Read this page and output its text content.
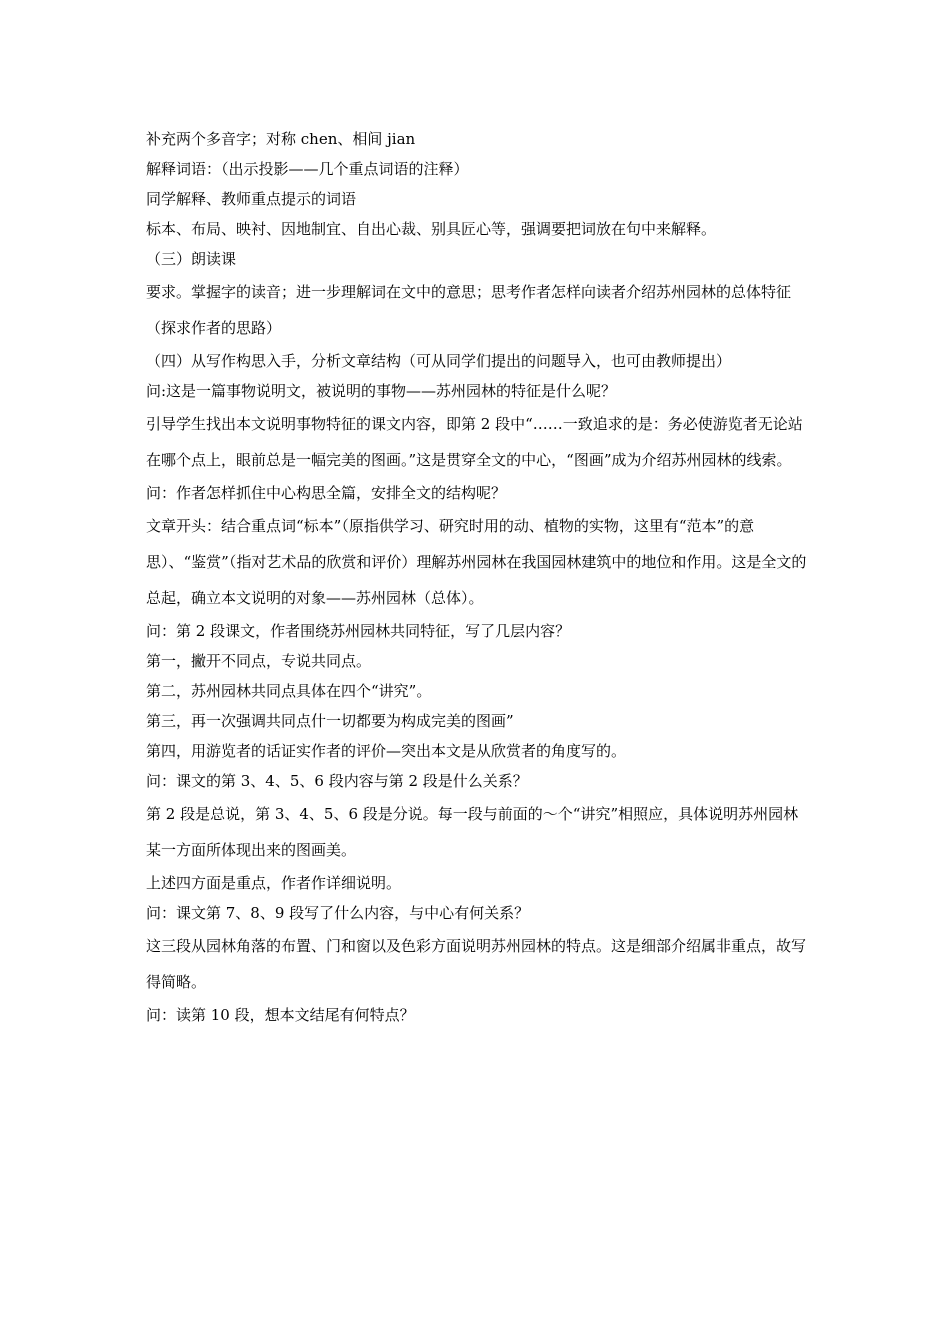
补充两个多音字；对称 chen、相间 jian
解释词语：（出示投影——几个重点词语的注释）
同学解释、教师重点提示的词语
标本、布局、映衬、因地制宜、自出心裁、别具匠心等，强调要把词放在句中来解释。
（三）朗读课
要求。掌握字的读音；进一步理解词在文中的意思；思考作者怎样向读者介绍苏州园林的总体特征（探求作者的思路）
（四）从写作构思入手，分析文章结构（可从同学们提出的问题导入，也可由教师提出）
问:这是一篇事物说明文，被说明的事物——苏州园林的特征是什么呢？
引导学生找出本文说明事物特征的课文内容，即第 2 段中“……一致追求的是：务必使游览者无论站在哪个点上，眼前总是一幅完美的图画。”这是贯穿全文的中心，“图画”成为介绍苏州园林的线索。
问：作者怎样抓住中心构思全篇，安排全文的结构呢？
文章开头：结合重点词“标本”（原指供学习、研究时用的动、植物的实物，这里有“范本”的意思）、“鉴赏”（指对艺术品的欣赏和评价）理解苏州园林在我国园林建筑中的地位和作用。这是全文的总起，确立本文说明的对象——苏州园林（总体）。
问：第 2 段课文，作者围绕苏州园林共同特征，写了几层内容？
第一，撇开不同点，专说共同点。
第二，苏州园林共同点具体在四个“讲究”。
第三，再一次强调共同点什一切都要为构成完美的图画”
第四，用游览者的话证实作者的评价—突出本文是从欣赏者的角度写的。
问：课文的第 3、4、5、6 段内容与第 2 段是什么关系？
第 2 段是总说，第 3、4、5、6 段是分说。每一段与前面的～个“讲究”相照应，具体说明苏州园林某一方面所体现出来的图画美。
上述四方面是重点，作者作详细说明。
问：课文第 7、8、9 段写了什么内容，与中心有何关系？
这三段从园林角落的布置、门和窗以及色彩方面说明苏州园林的特点。这是细部介绍属非重点，故写得简略。
问：读第 10 段，想本文结尾有何特点？
